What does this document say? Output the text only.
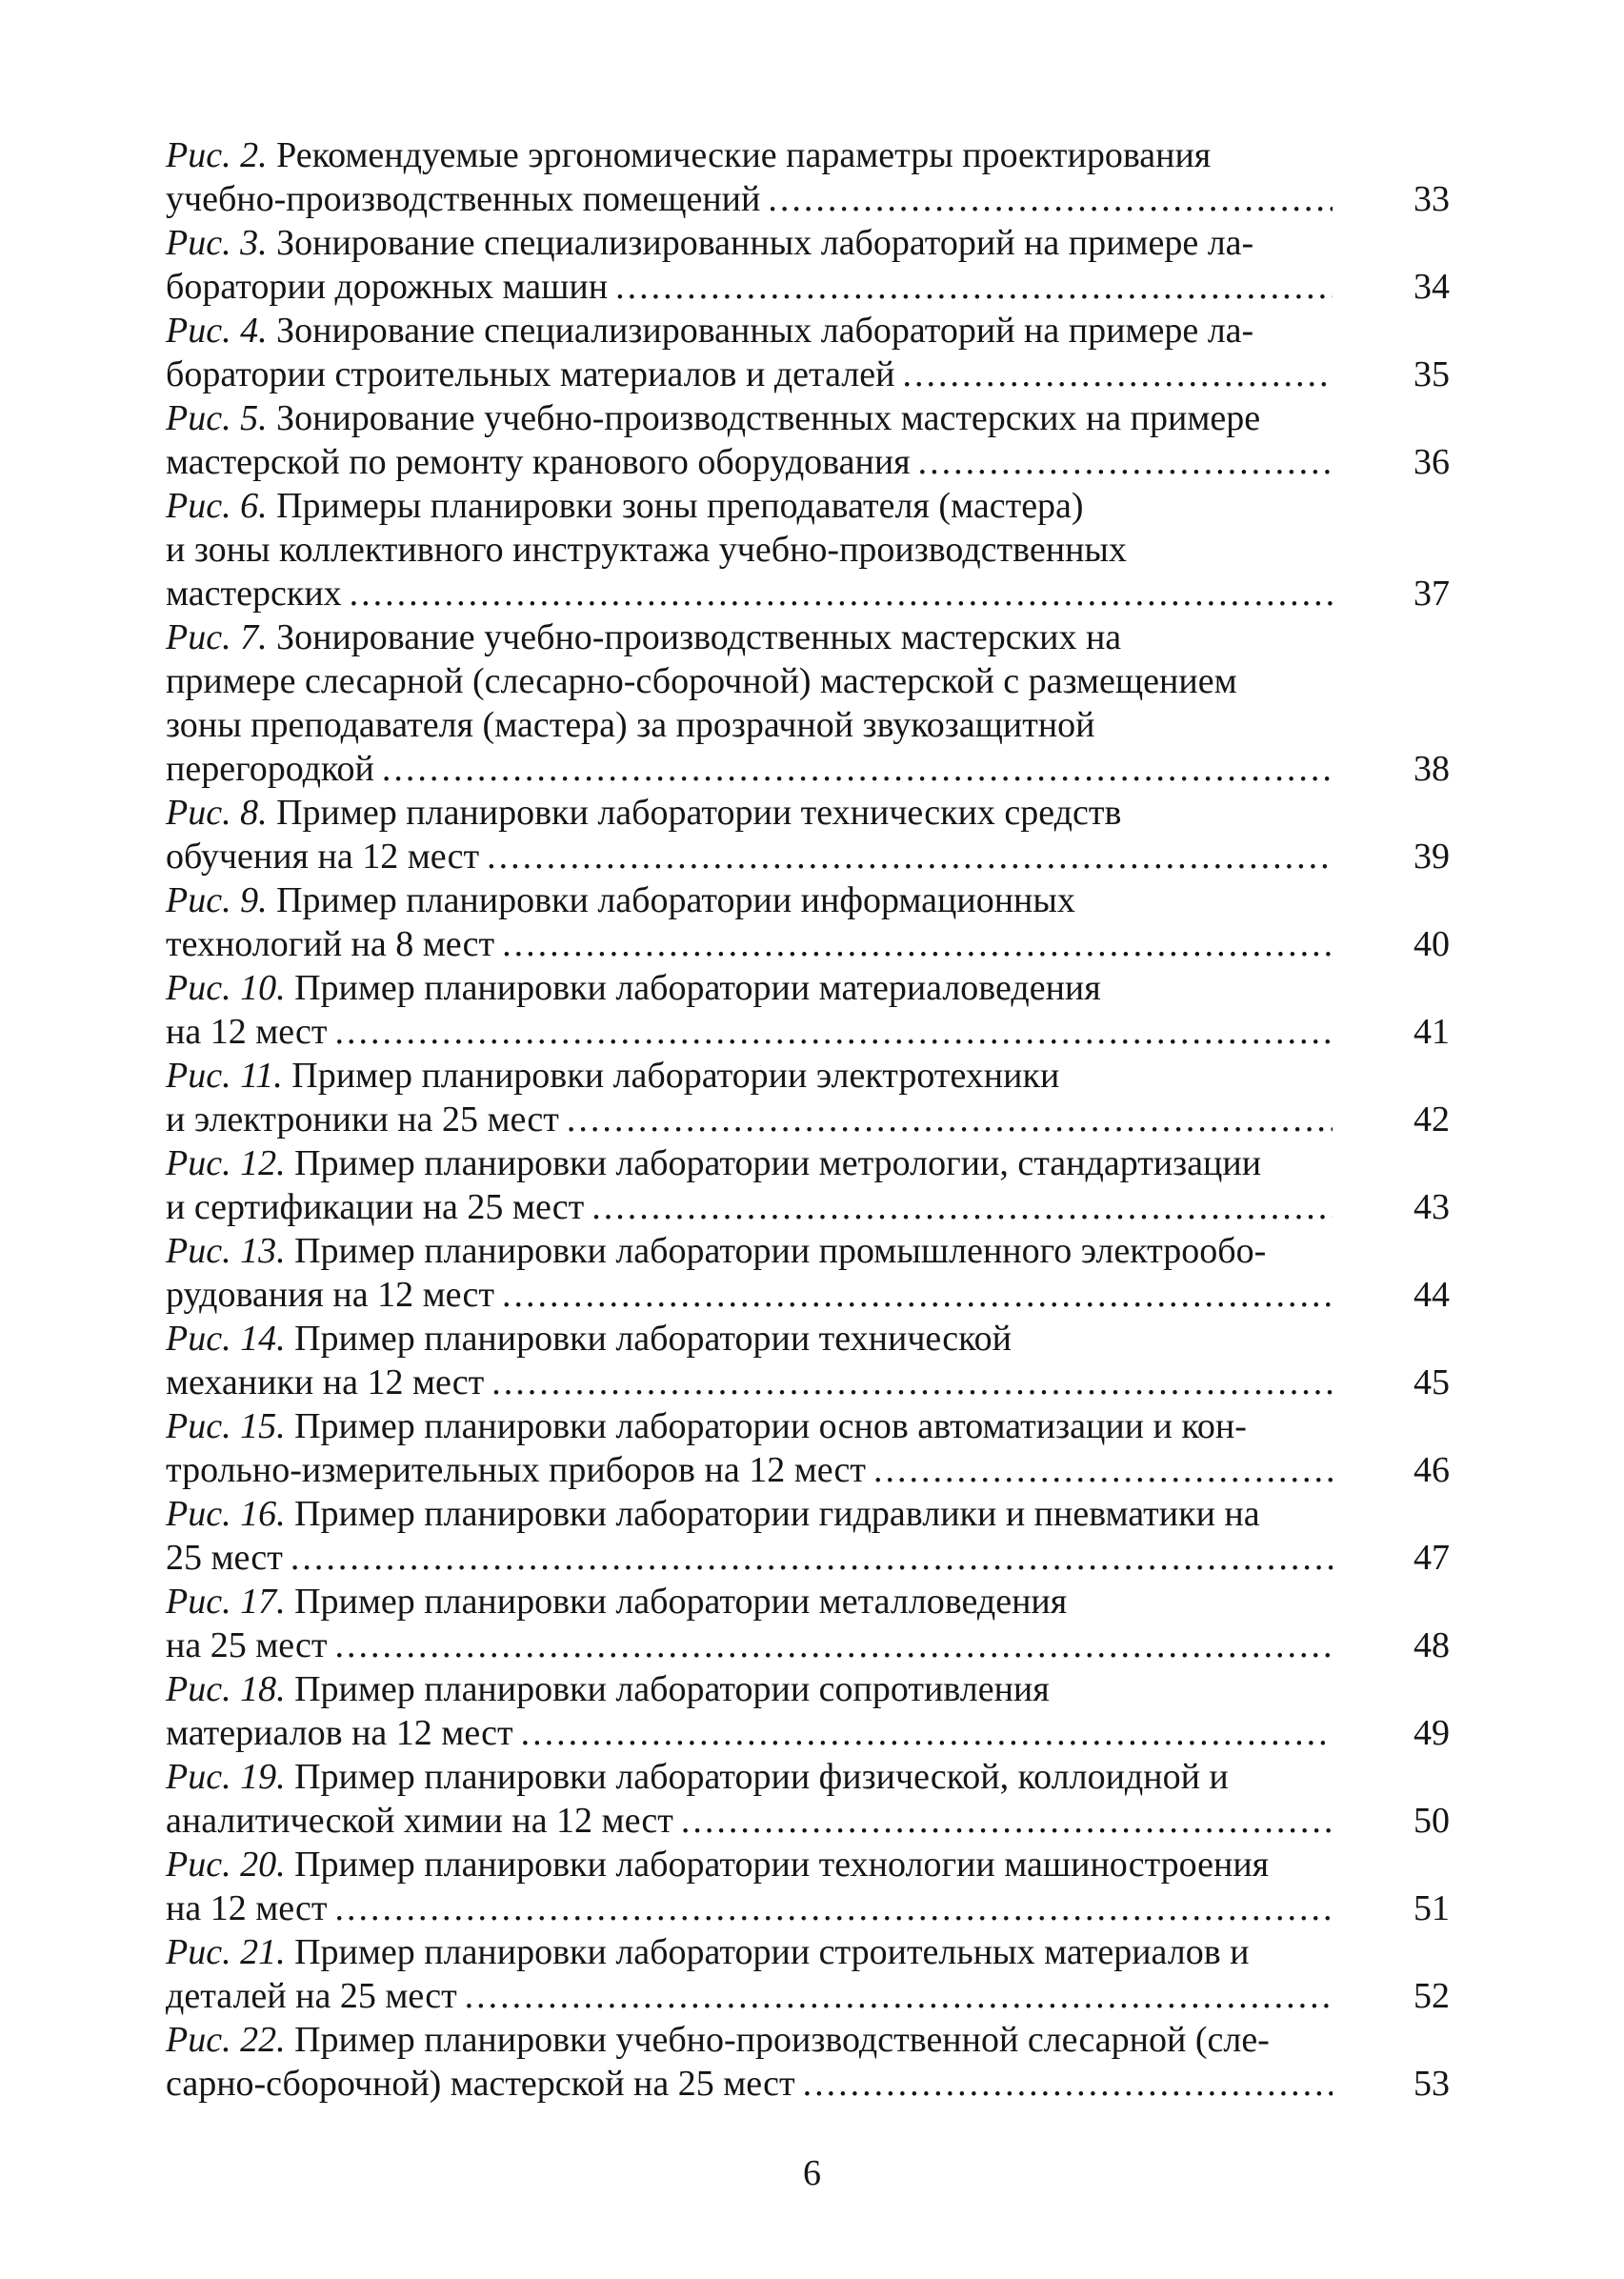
Рис. 2. Рекомендуемые эргономические параметры проектирования
учебно-производственных помещений .....	33
Рис. 3. Зонирование специализированных лабораторий на примере ла-
боратории дорожных машин .....	34
Рис. 4. Зонирование специализированных лабораторий на примере ла-
боратории строительных материалов и деталей .....	35
Рис. 5. Зонирование учебно-производственных мастерских на примере
мастерской по ремонту кранового оборудования .....	36
Рис. 6. Примеры планировки зоны преподавателя (мастера)
и зоны коллективного инструктажа учебно-производственных
мастерских .....	37
Рис. 7. Зонирование учебно-производственных мастерских на
примере слесарной (слесарно-сборочной) мастерской с размещением
зоны преподавателя (мастера) за прозрачной звукозащитной
перегородкой .....	38
Рис. 8. Пример планировки лаборатории технических средств
обучения на 12 мест .....	39
Рис. 9. Пример планировки лаборатории информационных
технологий на 8 мест .....	40
Рис. 10. Пример планировки лаборатории материаловедения
на 12 мест .....	41
Рис. 11. Пример планировки лаборатории электротехники
и электроники на 25 мест .....	42
Рис. 12. Пример планировки лаборатории метрологии, стандартизации
и сертификации на 25 мест .....	43
Рис. 13. Пример планировки лаборатории промышленного электрообо-
рудования на 12 мест .....	44
Рис. 14. Пример планировки лаборатории технической
механики на 12 мест .....	45
Рис. 15. Пример планировки лаборатории основ автоматизации и кон-
трольно-измерительных приборов на 12 мест .....	46
Рис. 16. Пример планировки лаборатории гидравлики и пневматики на
25 мест .....	47
Рис. 17. Пример планировки лаборатории металловедения
на 25 мест .....	48
Рис. 18. Пример планировки лаборатории сопротивления
материалов на 12 мест .....	49
Рис. 19. Пример планировки лаборатории физической, коллоидной и
аналитической химии на 12 мест .....	50
Рис. 20. Пример планировки лаборатории технологии машиностроения
на 12 мест .....	51
Рис. 21. Пример планировки лаборатории строительных материалов и
деталей на 25 мест .....	52
Рис. 22. Пример планировки учебно-производственной слесарной (сле-
сарно-сборочной) мастерской на 25 мест .....	53
6
